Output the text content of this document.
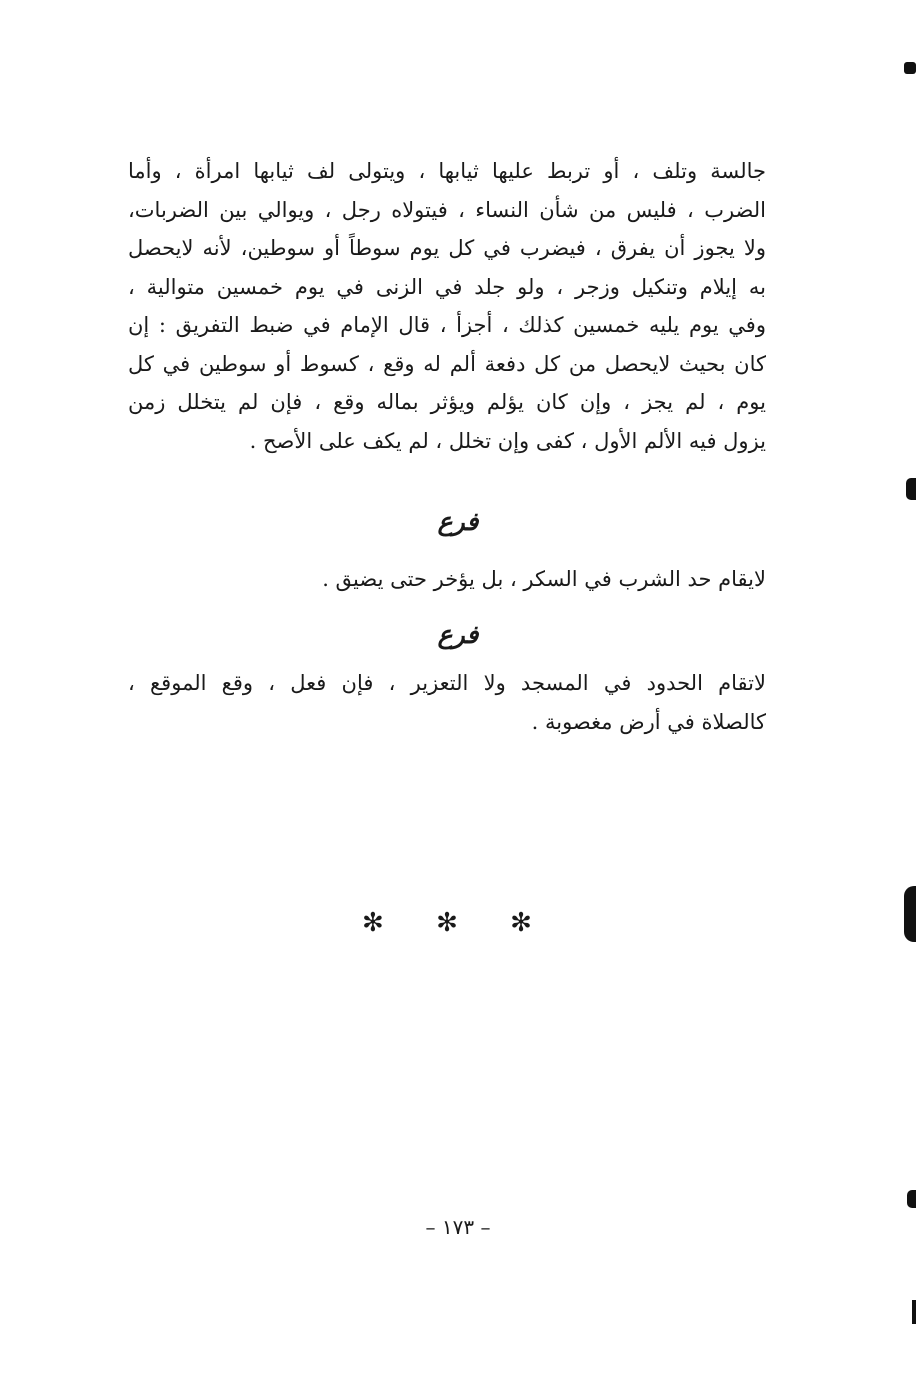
جالسة وتلف ، أو تربط عليها ثيابها ، ويتولى لف ثيابها امرأة ، وأما
الضرب ، فليس من شأن النساء ، فيتولاه رجل ، ويوالي بين الضربات،
ولا يجوز أن يفرق ، فيضرب في كل يوم سوطاً أو سوطين، لأنه لايحصل
به إيلام وتنكيل وزجر ، ولو جلد في الزنى في يوم خمسين متوالية ،
وفي يوم يليه خمسين كذلك ، أجزأ ، قال الإمام في ضبط التفريق : إن
كان بحيث لايحصل من كل دفعة ألم له وقع ، كسوط أو سوطين في كل
يوم ، لم يجز ، وإن كان يؤلم ويؤثر بماله وقع ، فإن لم يتخلل زمن
يزول فيه الألم الأول ، كفى وإن تخلل ، لم يكف على الأصح .
فرع
لايقام حد الشرب في السكر ، بل يؤخر حتى يضيق .
فرع
لاتقام الحدود في المسجد ولا التعزير ، فإن فعل ، وقع الموقع ،
كالصلاة في أرض مغصوبة .
✻ ✻ ✻
– ١٧٣ –
